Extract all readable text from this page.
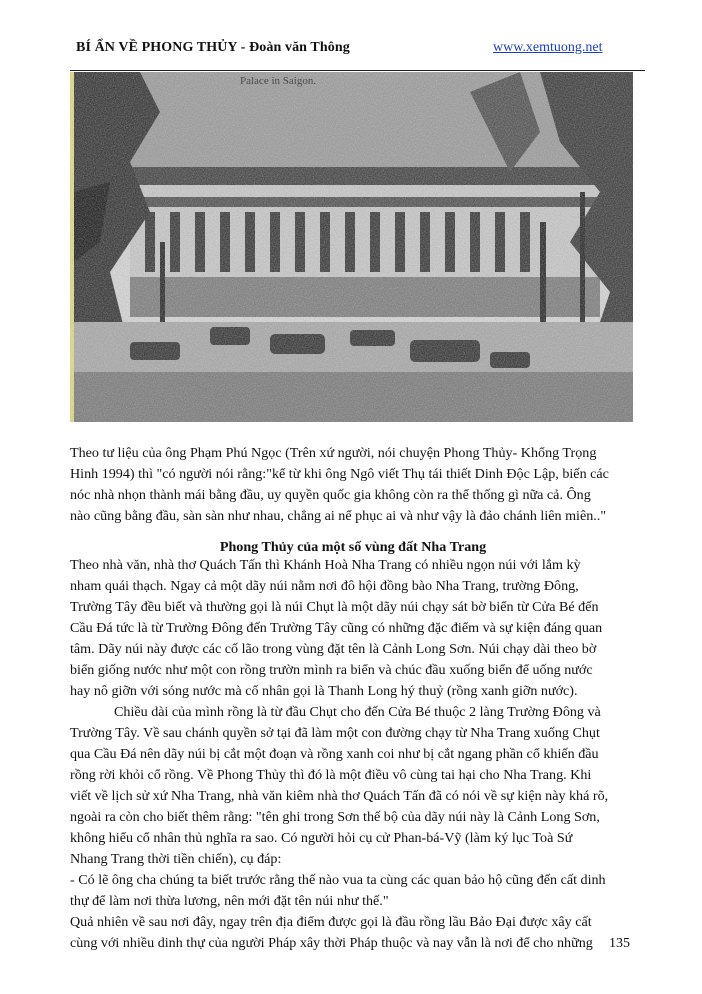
BÍ ẨN VỀ PHONG THỦY - Đoàn văn Thông	www.xemtuong.net
Theo tư liệu của ông Phạm Phú Ngọc (Trên xứ người, nói chuyện Phong Thủy- Khổng Trọng
Hinh 1994) thì "có người nói rằng:"kể từ khi ông Ngô viết Thụ tái thiết Dinh Độc Lập, biến các
nóc nhà nhọn thành mái bằng đầu, uy quyền quốc gia không còn ra thể thống gì nữa cả. Ông
nào cũng bằng đầu, sàn sàn như nhau, chẳng ai nể phục ai và như vậy là đảo chánh liên miên.."
Phong Thủy của một số vùng đất Nha Trang
Theo nhà văn, nhà thơ Quách Tấn thì Khánh Hoà Nha Trang có nhiều ngọn núi với lắm kỳ
nham quái thạch. Ngay cả một dãy núi nằm nơi đô hội đồng bào Nha Trang, trường Đông,
Trường Tây đều biết và thường gọi là núi Chụt là một dãy núi chạy sát bờ biển từ Cửa Bé đến
Cầu Đá tức là từ Trường Đông đến Trường Tây cũng có những đặc điểm và sự kiện đáng quan
tâm. Dãy núi này được các cố lão trong vùng đặt tên là Cảnh Long Sơn. Núi chạy dài theo bờ
biển giống nước như một con rồng trườn mình ra biển và chúc đầu xuống biển để uống nước
hay nô giỡn với sóng nước mà cổ nhân gọi là Thanh Long hý thuỷ (rồng xanh giỡn nước).
Chiều dài của mình rồng là từ đầu Chụt cho đến Cửa Bé thuộc 2 làng Trường Đông và
Trường Tây. Về sau chánh quyền sở tại đã làm một con đường chạy từ Nha Trang xuống Chụt
qua Cầu Đá nên dãy núi bị cắt một đoạn và rồng xanh coi như bị cắt ngang phần cổ khiến đầu
rồng rời khỏi cổ rồng. Về Phong Thủy thì đó là một điều vô cùng tai hại cho Nha Trang. Khi
viết về lịch sử xứ Nha Trang, nhà văn kiêm nhà thơ Quách Tấn đã có nói về sự kiện này khá rõ,
ngoài ra còn cho biết thêm rằng: "tên ghi trong Sơn thế bộ của dãy núi này là Cảnh Long Sơn,
không hiểu cổ nhân thủ nghĩa ra sao. Có người hỏi cụ cử Phan-bá-Vỹ (làm ký lục Toà Sứ
Nhang Trang thời tiền chiến), cụ đáp:
- Có lẽ ông cha chúng ta biết trước rằng thế nào vua ta cùng các quan bảo hộ cũng đến cất dinh
thự để làm nơi thừa lương, nên mới đặt tên núi như thế."
Quả nhiên về sau nơi đây, ngay trên địa điểm được gọi là đầu rồng lầu Bảo Đại được xây cất
cùng với nhiều dinh thự của người Pháp xây thời Pháp thuộc và nay vẫn là nơi để cho những	135
